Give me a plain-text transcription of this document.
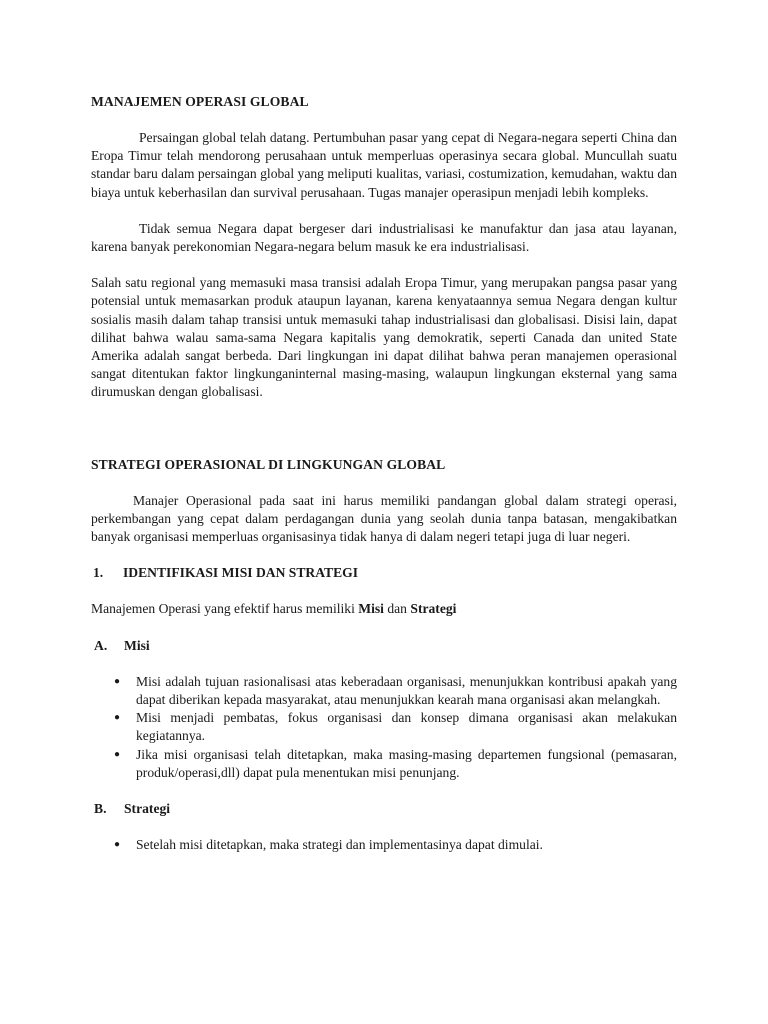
MANAJEMEN OPERASI GLOBAL

Persaingan global telah datang. Pertumbuhan pasar yang cepat di Negara-negara seperti China dan Eropa Timur telah mendorong perusahaan untuk memperluas operasinya secara global. Muncullah suatu standar baru dalam persaingan global yang meliputi kualitas, variasi, costumization, kemudahan, waktu dan biaya untuk keberhasilan dan survival perusahaan. Tugas manajer operasipun menjadi lebih kompleks.

Tidak semua Negara dapat bergeser dari industrialisasi ke manufaktur dan jasa atau layanan, karena banyak perekonomian Negara-negara belum masuk ke era industrialisasi.

Salah satu regional yang memasuki masa transisi adalah Eropa Timur, yang merupakan pangsa pasar yang potensial untuk memasarkan produk ataupun layanan, karena kenyataannya semua Negara dengan kultur sosialis masih dalam tahap transisi untuk memasuki tahap industrialisasi dan globalisasi. Disisi lain, dapat dilihat bahwa walau sama-sama Negara kapitalis yang demokratik, seperti Canada dan united State Amerika adalah sangat berbeda. Dari lingkungan ini dapat dilihat bahwa peran manajemen operasional sangat ditentukan faktor lingkunganinternal masing-masing, walaupun lingkungan eksternal yang sama dirumuskan dengan globalisasi.

STRATEGI OPERASIONAL DI LINGKUNGAN GLOBAL

Manajer Operasional pada saat ini harus memiliki pandangan global dalam strategi operasi, perkembangan yang cepat dalam perdagangan dunia yang seolah dunia tanpa batasan, mengakibatkan banyak organisasi memperluas organisasinya tidak hanya di dalam negeri tetapi juga di luar negeri.

1.	IDENTIFIKASI MISI DAN STRATEGI

Manajemen Operasi yang efektif harus memiliki Misi dan Strategi

A.	Misi
● Misi adalah tujuan rasionalisasi atas keberadaan organisasi, menunjukkan kontribusi apakah yang dapat diberikan kepada masyarakat, atau menunjukkan kearah mana organisasi akan melangkah.
● Misi menjadi pembatas, fokus organisasi dan konsep dimana organisasi akan melakukan kegiatannya.
● Jika misi organisasi telah ditetapkan, maka masing-masing departemen fungsional (pemasaran, produk/operasi,dll) dapat pula menentukan misi penunjang.
B.	Strategi
● Setelah misi ditetapkan, maka strategi dan implementasinya dapat dimulai.
